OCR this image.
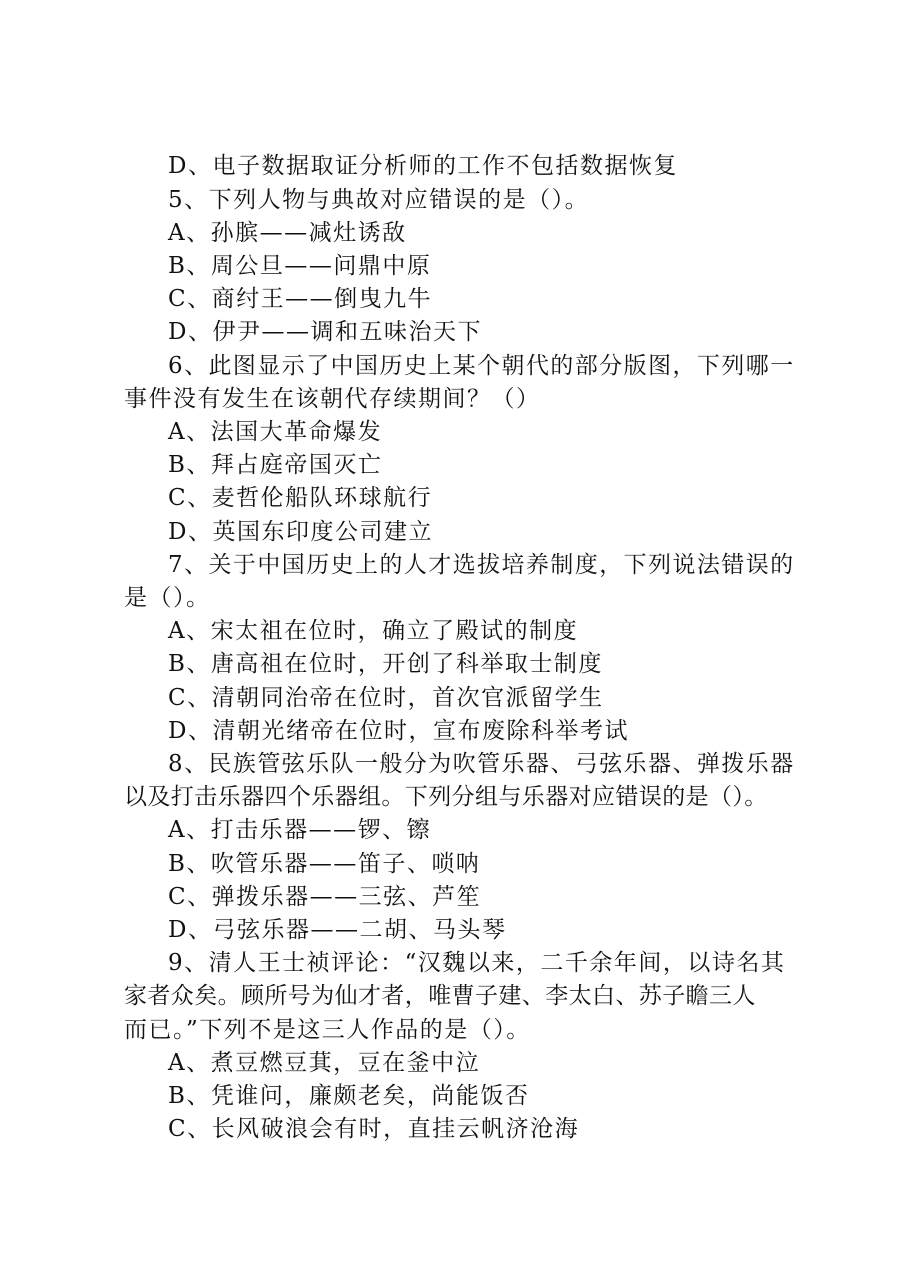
D、电子数据取证分析师的工作不包括数据恢复
5、下列人物与典故对应错误的是（）。
A、孙膑——减灶诱敌
B、周公旦——问鼎中原
C、商纣王——倒曳九牛
D、伊尹——调和五味治天下
6、此图显示了中国历史上某个朝代的部分版图，下列哪一
事件没有发生在该朝代存续期间？（）
A、法国大革命爆发
B、拜占庭帝国灭亡
C、麦哲伦船队环球航行
D、英国东印度公司建立
7、关于中国历史上的人才选拔培养制度，下列说法错误的
是（）。
A、宋太祖在位时，确立了殿试的制度
B、唐高祖在位时，开创了科举取士制度
C、清朝同治帝在位时，首次官派留学生
D、清朝光绪帝在位时，宣布废除科举考试
8、民族管弦乐队一般分为吹管乐器、弓弦乐器、弹拨乐器
以及打击乐器四个乐器组。下列分组与乐器对应错误的是（）。
A、打击乐器——锣、镲
B、吹管乐器——笛子、唢呐
C、弹拨乐器——三弦、芦笙
D、弓弦乐器——二胡、马头琴
9、清人王士祯评论：“汉魏以来，二千余年间，以诗名其
家者众矣。顾所号为仙才者，唯曹子建、李太白、苏子瞻三人
而已。”下列不是这三人作品的是（）。
A、煮豆燃豆萁，豆在釜中泣
B、凭谁问，廉颇老矣，尚能饭否
C、长风破浪会有时，直挂云帆济沧海
